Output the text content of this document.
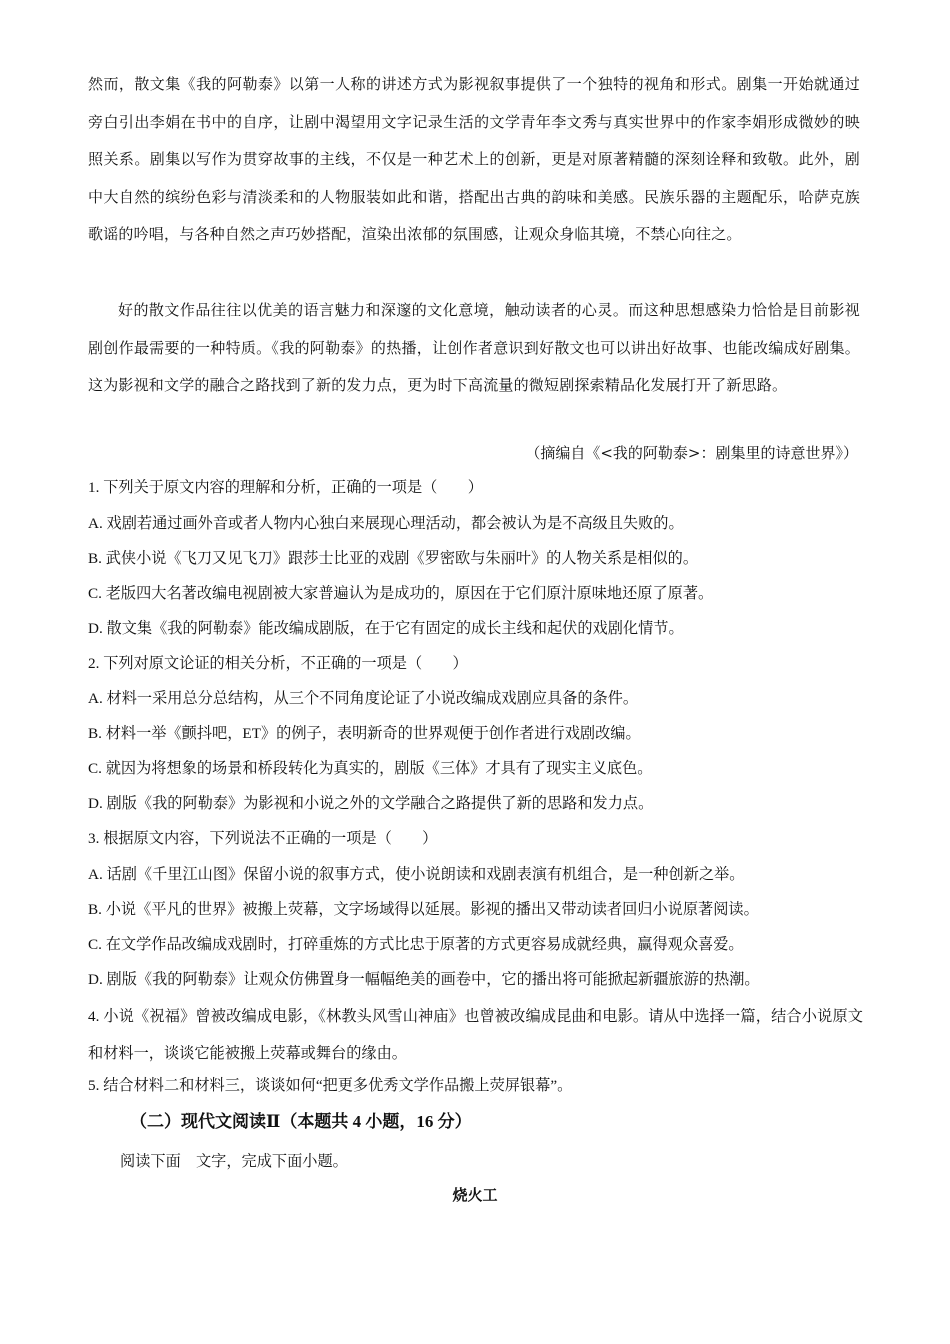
然而，散文集《我的阿勒泰》以第一人称的讲述方式为影视叙事提供了一个独特的视角和形式。剧集一开始就通过旁白引出李娟在书中的自序，让剧中渴望用文字记录生活的文学青年李文秀与真实世界中的作家李娟形成微妙的映照关系。剧集以写作为贯穿故事的主线，不仅是一种艺术上的创新，更是对原著精髓的深刻诠释和致敬。此外，剧中大自然的缤纷色彩与清淡柔和的人物服装如此和谐，搭配出古典的韵味和美感。民族乐器的主题配乐，哈萨克族歌谣的吟唱，与各种自然之声巧妙搭配，渲染出浓郁的氛围感，让观众身临其境，不禁心向往之。

好的散文作品往往以优美的语言魅力和深邃的文化意境，触动读者的心灵。而这种思想感染力恰恰是目前影视剧创作最需要的一种特质。《我的阿勒泰》的热播，让创作者意识到好散文也可以讲出好故事、也能改编成好剧集。这为影视和文学的融合之路找到了新的发力点，更为时下高流量的微短剧探索精品化发展打开了新思路。

（摘编自《<我的阿勒泰>：剧集里的诗意世界》）

1. 下列关于原文内容的理解和分析，正确的一项是（　　）

A. 戏剧若通过画外音或者人物内心独白来展现心理活动，都会被认为是不高级且失败的。

B. 武侠小说《飞刀又见飞刀》跟莎士比亚的戏剧《罗密欧与朱丽叶》的人物关系是相似的。

C. 老版四大名著改编电视剧被大家普遍认为是成功的，原因在于它们原汁原味地还原了原著。

D. 散文集《我的阿勒泰》能改编成剧版，在于它有固定的成长主线和起伏的戏剧化情节。

2. 下列对原文论证的相关分析，不正确的一项是（　　）

A. 材料一采用总分总结构，从三个不同角度论证了小说改编成戏剧应具备的条件。

B. 材料一举《颤抖吧，ET》的例子，表明新奇的世界观便于创作者进行戏剧改编。

C. 就因为将想象的场景和桥段转化为真实的，剧版《三体》才具有了现实主义底色。

D. 剧版《我的阿勒泰》为影视和小说之外的文学融合之路提供了新的思路和发力点。

3. 根据原文内容，下列说法不正确的一项是（　　）

A. 话剧《千里江山图》保留小说的叙事方式，使小说朗读和戏剧表演有机组合，是一种创新之举。

B. 小说《平凡的世界》被搬上荧幕，文字场域得以延展。影视的播出又带动读者回归小说原著阅读。

C. 在文学作品改编成戏剧时，打碎重炼的方式比忠于原著的方式更容易成就经典，赢得观众喜爱。

D. 剧版《我的阿勒泰》让观众仿佛置身一幅幅绝美的画卷中，它的播出将可能掀起新疆旅游的热潮。

4. 小说《祝福》曾被改编成电影，《林教头风雪山神庙》也曾被改编成昆曲和电影。请从中选择一篇，结合小说原文和材料一，谈谈它能被搬上荧幕或舞台的缘由。

5. 结合材料二和材料三，谈谈如何“把更多优秀文学作品搬上荧屏银幕”。

（二）现代文阅读Ⅱ（本题共 4 小题，16 分）

阅读下面　文字，完成下面小题。

烧火工
